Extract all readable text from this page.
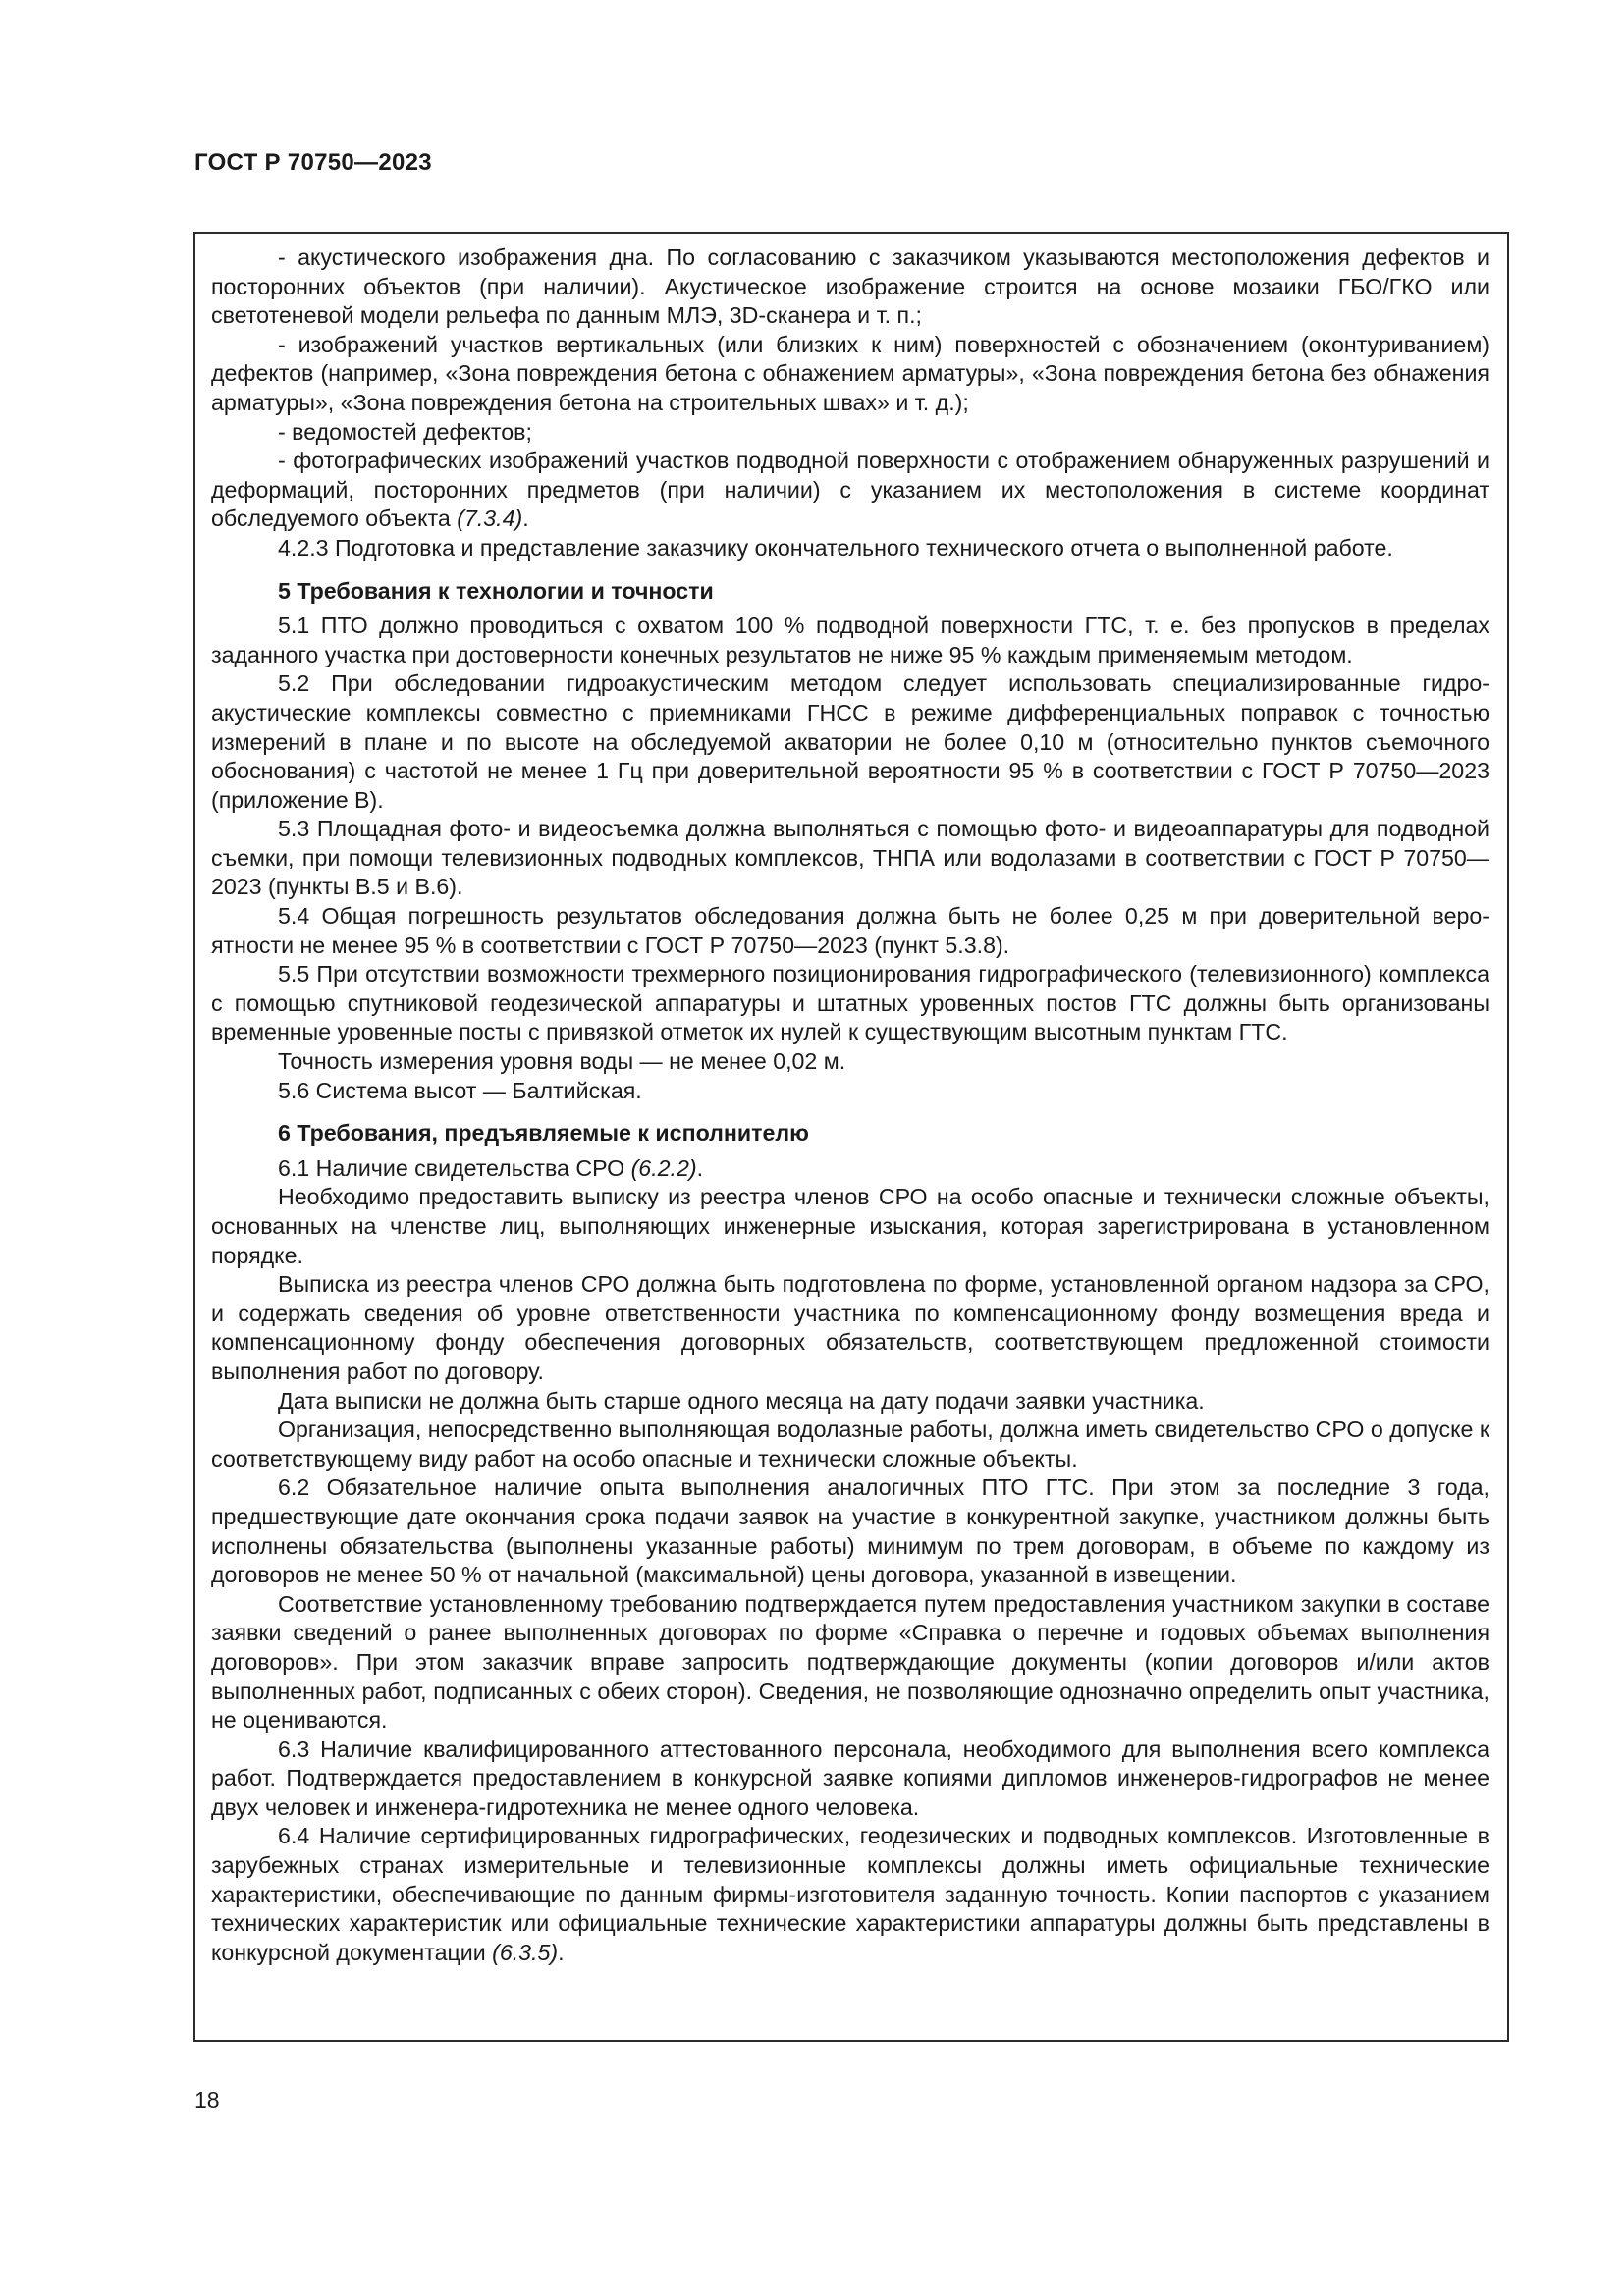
ГОСТ Р 70750—2023

- акустического изображения дна. По согласованию с заказчиком указываются местоположения дефектов и посторонних объектов (при наличии). Акустическое изображение строится на основе мозаики ГБО/ГКО или светотеневой модели рельефа по данным МЛЭ, 3D-сканера и т. п.;

- изображений участков вертикальных (или близких к ним) поверхностей с обозначением (оконтуриванием) дефектов (например, «Зона повреждения бетона с обнажением арматуры», «Зона повреждения бетона без обнажения арматуры», «Зона повреждения бетона на строительных швах» и т. д.);

- ведомостей дефектов;

- фотографических изображений участков подводной поверхности с отображением обнаруженных разрушений и деформаций, посторонних предметов (при наличии) с указанием их местоположения в системе координат обследуемого объекта (7.3.4).

4.2.3 Подготовка и представление заказчику окончательного технического отчета о выполненной работе.

5 Требования к технологии и точности

5.1 ПТО должно проводиться с охватом 100 % подводной поверхности ГТС, т. е. без пропусков в пределах заданного участка при достоверности конечных результатов не ниже 95 % каждым применяемым методом.

5.2 При обследовании гидроакустическим методом следует использовать специализированные гидроакустические комплексы совместно с приемниками ГНСС в режиме дифференциальных поправок с точностью измерений в плане и по высоте на обследуемой акватории не более 0,10 м (относительно пунктов съемочного обоснования) с частотой не менее 1 Гц при доверительной вероятности 95 % в соответствии с ГОСТ Р 70750—2023 (приложение В).

5.3 Площадная фото- и видеосъемка должна выполняться с помощью фото- и видеоаппаратуры для подводной съемки, при помощи телевизионных подводных комплексов, ТНПА или водолазами в соответствии с ГОСТ Р 70750—2023 (пункты В.5 и В.6).

5.4 Общая погрешность результатов обследования должна быть не более 0,25 м при доверительной вероятности не менее 95 % в соответствии с ГОСТ Р 70750—2023 (пункт 5.3.8).

5.5 При отсутствии возможности трехмерного позиционирования гидрографического (телевизионного) комплекса с помощью спутниковой геодезической аппаратуры и штатных уровенных постов ГТС должны быть организованы временные уровенные посты с привязкой отметок их нулей к существующим высотным пунктам ГТС.

Точность измерения уровня воды — не менее 0,02 м.

5.6 Система высот — Балтийская.

6 Требования, предъявляемые к исполнителю

6.1 Наличие свидетельства СРО (6.2.2).

Необходимо предоставить выписку из реестра членов СРО на особо опасные и технически сложные объекты, основанных на членстве лиц, выполняющих инженерные изыскания, которая зарегистрирована в установленном порядке.

Выписка из реестра членов СРО должна быть подготовлена по форме, установленной органом надзора за СРО, и содержать сведения об уровне ответственности участника по компенсационному фонду возмещения вреда и компенсационному фонду обеспечения договорных обязательств, соответствующем предложенной стоимости выполнения работ по договору.

Дата выписки не должна быть старше одного месяца на дату подачи заявки участника.

Организация, непосредственно выполняющая водолазные работы, должна иметь свидетельство СРО о допуске к соответствующему виду работ на особо опасные и технически сложные объекты.

6.2 Обязательное наличие опыта выполнения аналогичных ПТО ГТС. При этом за последние 3 года, предшествующие дате окончания срока подачи заявок на участие в конкурентной закупке, участником должны быть исполнены обязательства (выполнены указанные работы) минимум по трем договорам, в объеме по каждому из договоров не менее 50 % от начальной (максимальной) цены договора, указанной в извещении.

Соответствие установленному требованию подтверждается путем предоставления участником закупки в составе заявки сведений о ранее выполненных договорах по форме «Справка о перечне и годовых объемах выполнения договоров». При этом заказчик вправе запросить подтверждающие документы (копии договоров и/или актов выполненных работ, подписанных с обеих сторон). Сведения, не позволяющие однозначно определить опыт участника, не оцениваются.

6.3 Наличие квалифицированного аттестованного персонала, необходимого для выполнения всего комплекса работ. Подтверждается предоставлением в конкурсной заявке копиями дипломов инженеров-гидрографов не менее двух человек и инженера-гидротехника не менее одного человека.

6.4 Наличие сертифицированных гидрографических, геодезических и подводных комплексов. Изготовленные в зарубежных странах измерительные и телевизионные комплексы должны иметь официальные технические характеристики, обеспечивающие по данным фирмы-изготовителя заданную точность. Копии паспортов с указанием технических характеристик или официальные технические характеристики аппаратуры должны быть представлены в конкурсной документации (6.3.5).

18
